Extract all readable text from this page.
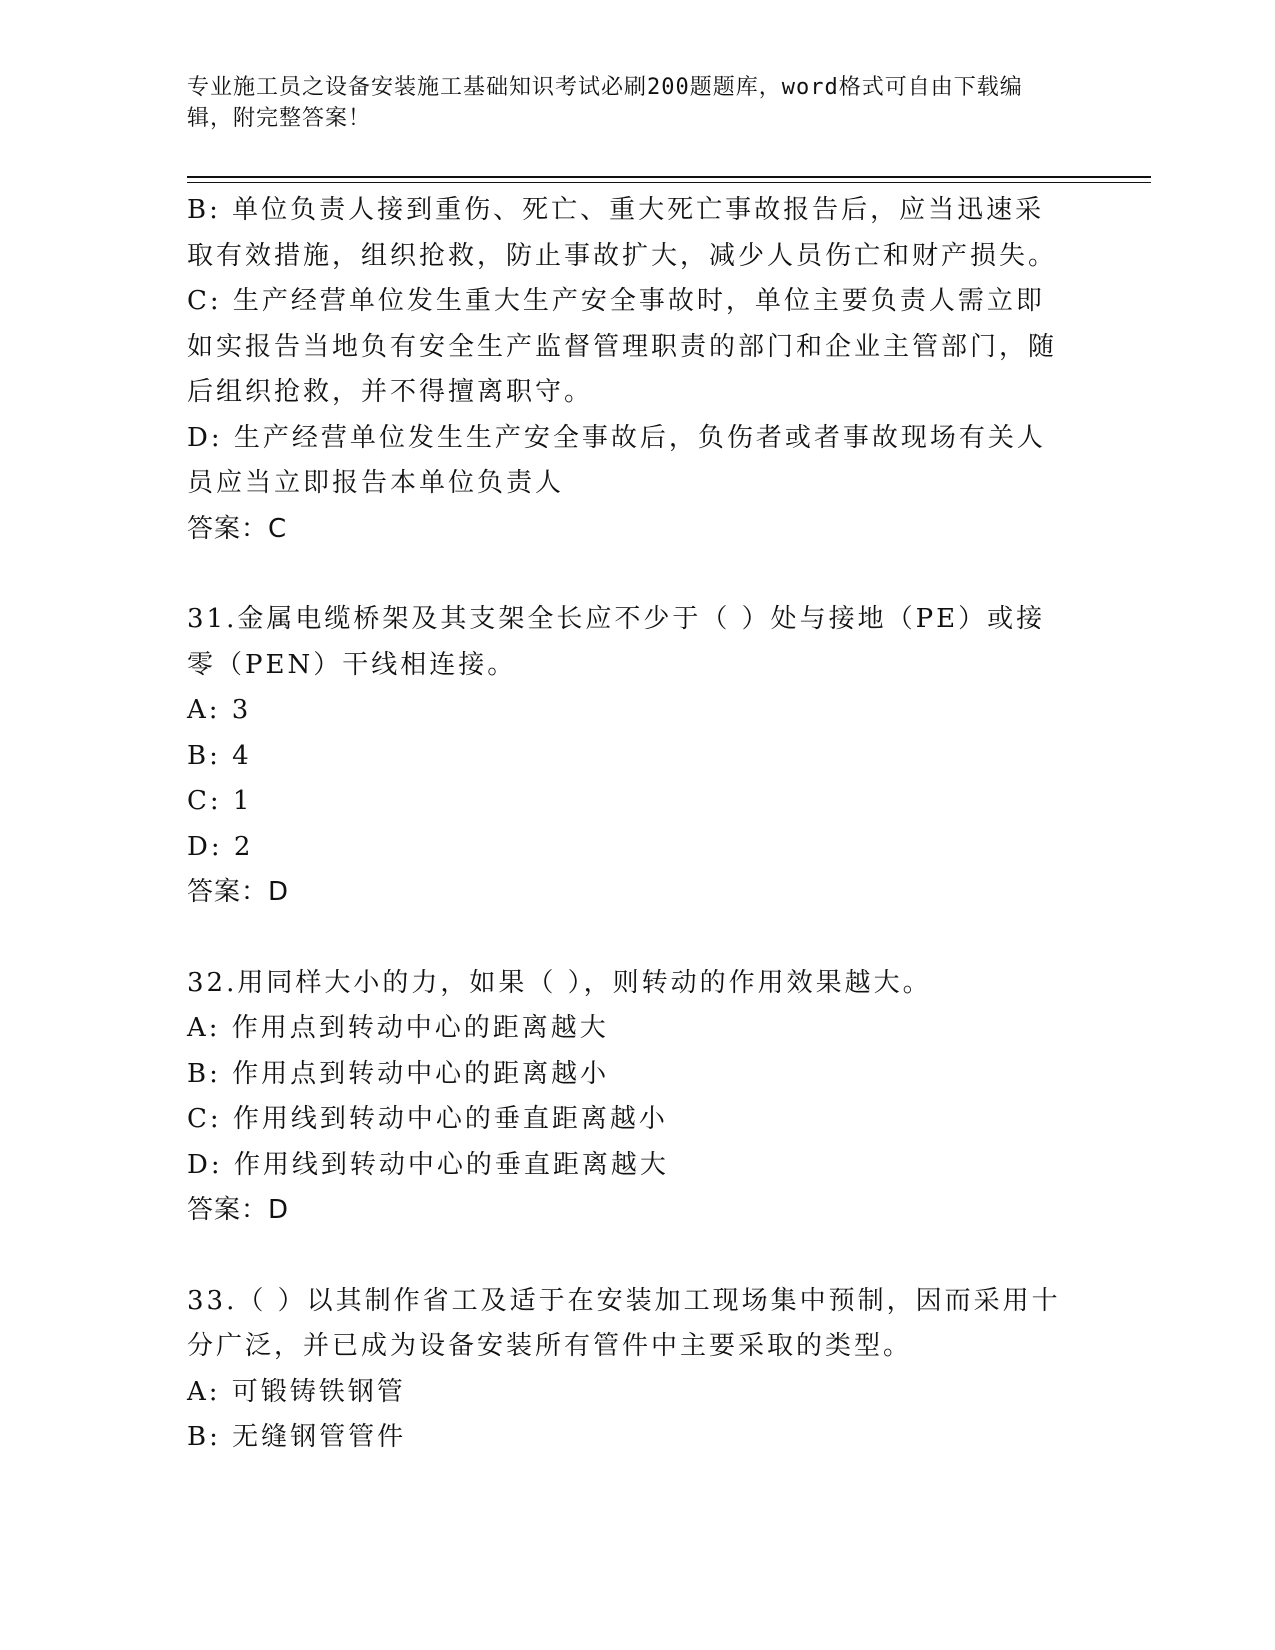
专业施工员之设备安装施工基础知识考试必刷200题题库，word格式可自由下载编辑，附完整答案！

B: 单位负责人接到重伤、死亡、重大死亡事故报告后，应当迅速采取有效措施，组织抢救，防止事故扩大，减少人员伤亡和财产损失。

C: 生产经营单位发生重大生产安全事故时，单位主要负责人需立即如实报告当地负有安全生产监督管理职责的部门和企业主管部门，随后组织抢救，并不得擅离职守。

D: 生产经营单位发生生产安全事故后，负伤者或者事故现场有关人员应当立即报告本单位负责人

答案：C

31.金属电缆桥架及其支架全长应不少于（ ）处与接地（PE）或接零（PEN）干线相连接。

A: 3

B: 4

C: 1

D: 2

答案：D

32.用同样大小的力，如果（ ），则转动的作用效果越大。

A: 作用点到转动中心的距离越大

B: 作用点到转动中心的距离越小

C: 作用线到转动中心的垂直距离越小

D: 作用线到转动中心的垂直距离越大

答案：D

33.（ ）以其制作省工及适于在安装加工现场集中预制，因而采用十分广泛，并已成为设备安装所有管件中主要采取的类型。

A: 可锻铸铁钢管

B: 无缝钢管管件
